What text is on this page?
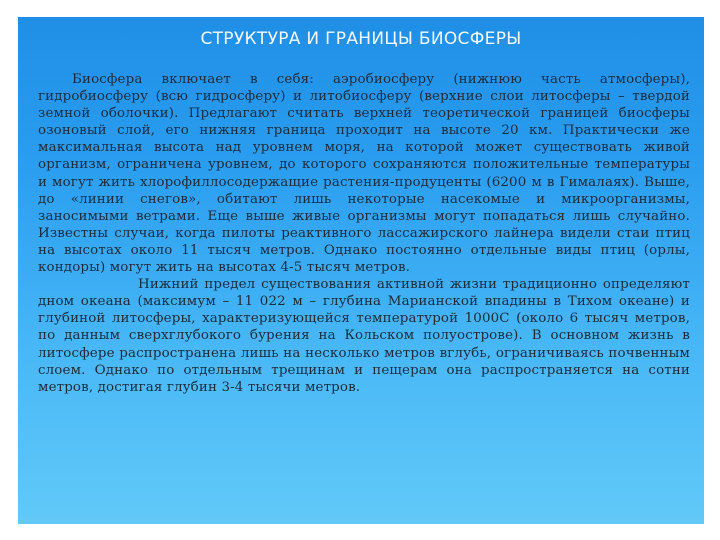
СТРУКТУРА И ГРАНИЦЫ БИОСФЕРЫ

Биосфера включает в себя: аэробиосферу (нижнюю часть атмосферы), гидробиосферу (всю гидросферу) и литобиосферу (верхние слои литосферы – твердой земной оболочки). Предлагают считать верхней теоретической границей биосферы озоновый слой, его нижняя граница проходит на высоте 20 км. Практически же максимальная высота над уровнем моря, на которой может существовать живой организм, ограничена уровнем, до которого сохраняются положительные температуры и могут жить хлорофиллосодержащие растения-продуценты (6200 м в Гималаях). Выше, до «линии снегов», обитают лишь некоторые насекомые и микроорганизмы, заносимыми ветрами. Еще выше живые организмы могут попадаться лишь случайно. Известны случаи, когда пилоты реактивного лассажирского лайнера видели стаи птиц на высотах около 11 тысяч метров. Однако постоянно отдельные виды птиц (орлы, кондоры) могут жить на высотах 4-5 тысяч метров.

Нижний предел существования активной жизни традиционно определяют дном океана (максимум – 11 022 м – глубина Марианской впадины в Тихом океане) и глубиной литосферы, характеризующейся температурой 1000С (около 6 тысяч метров, по данным сверхглубокого бурения на Кольском полуострове). В основном жизнь в литосфере распространена лишь на несколько метров вглубь, ограничиваясь почвенным слоем. Однако по отдельным трещинам и пещерам она распространяется на сотни метров, достигая глубин 3-4 тысячи метров.
